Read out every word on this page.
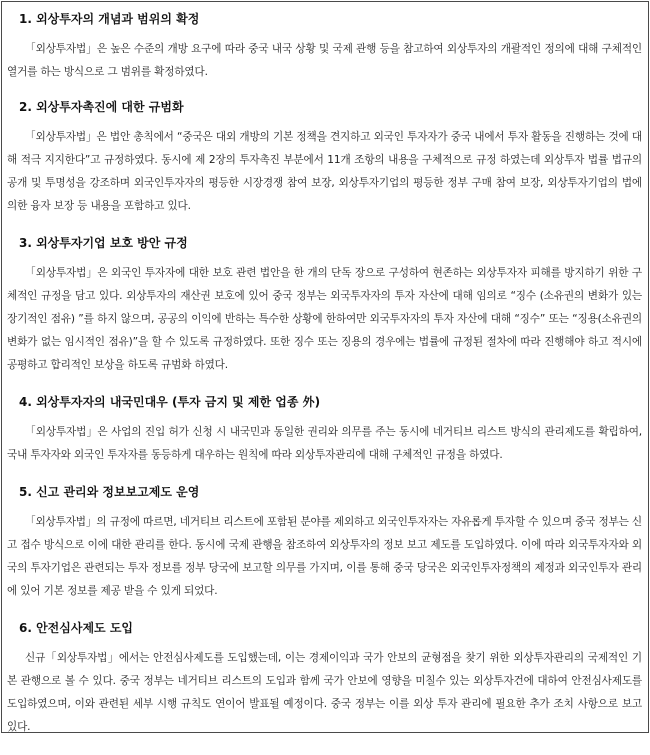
1. 외상투자의 개념과 범위의 확정

「외상투자법」은 높은 수준의 개방 요구에 따라 중국 내국 상황 및 국제 관행 등을 참고하여 외상투자의 개괄적인 정의에 대해 구체적인 열거를 하는 방식으로 그 범위를 확정하였다.

2. 외상투자촉진에 대한 규범화

「외상투자법」은 법안 총칙에서 “중국은 대외 개방의 기본 정책을 견지하고 외국인 투자자가 중국 내에서 투자 활동을 진행하는 것에 대해 적극 지지한다”고 규정하였다. 동시에 제 2장의 투자촉진 부분에서 11개 조항의 내용을 구체적으로 규정 하였는데 외상투자 법률 법규의 공개 및 투명성을 강조하며 외국인투자자의 평등한 시장경쟁 참여 보장, 외상투자기업의 평등한 정부 구매 참여 보장, 외상투자기업의 법에 의한 융자 보장 등 내용을 포함하고 있다.

3. 외상투자기업 보호 방안 규정

「외상투자법」은 외국인 투자자에 대한 보호 관련 법안을 한 개의 단독 장으로 구성하여 현존하는 외상투자자 피해를 방지하기 위한 구체적인 규정을 담고 있다. 외상투자의 재산권 보호에 있어 중국 정부는 외국투자자의 투자 자산에 대해 임의로 “징수 (소유권의 변화가 있는 장기적인 점유) ”를 하지 않으며, 공공의 이익에 반하는 특수한 상황에 한하여만 외국투자자의 투자 자산에 대해 “징수” 또는 “징용(소유권의 변화가 없는 임시적인 점유)”을 할 수 있도록 규정하였다. 또한 징수 또는 징용의 경우에는 법률에 규정된 절차에 따라 진행해야 하고 적시에 공평하고 합리적인 보상을 하도록 규범화 하였다.

4. 외상투자자의 내국민대우 (투자 금지 및 제한 업종 外)

「외상투자법」은 사업의 진입 허가 신청 시 내국민과 동일한 권리와 의무를 주는 동시에 네거티브 리스트 방식의 관리제도를 확립하여, 국내 투자자와 외국인 투자자를 동등하게 대우하는 원칙에 따라 외상투자관리에 대해 구체적인 규정을 하였다.

5. 신고 관리와 정보보고제도 운영

「외상투자법」의 규정에 따르면, 네거티브 리스트에 포함된 분야를 제외하고 외국인투자자는 자유롭게 투자할 수 있으며 중국 정부는 신고 접수 방식으로 이에 대한 관리를 한다. 동시에 국제 관행을 참조하여 외상투자의 정보 보고 제도를 도입하였다. 이에 따라 외국투자자와 외국의 투자기업은 관련되는 투자 정보를 정부 당국에 보고할 의무를 가지며, 이를 통해 중국 당국은 외국인투자정책의 제정과 외국인투자 관리에 있어 기본 정보를 제공 받을 수 있게 되었다.

6. 안전심사제도 도입

신규「외상투자법」에서는 안전심사제도를 도입했는데, 이는 경제이익과 국가 안보의 균형점을 찾기 위한 외상투자관리의 국제적인 기본 관행으로 볼 수 있다. 중국 정부는 네거티브 리스트의 도입과 함께 국가 안보에 영향을 미칠수 있는 외상투자건에 대하여 안전심사제도를 도입하였으며, 이와 관련된 세부 시행 규칙도 연이어 발표될 예정이다. 중국 정부는 이를 외상 투자 관리에 필요한 추가 조치 사항으로 보고 있다.
